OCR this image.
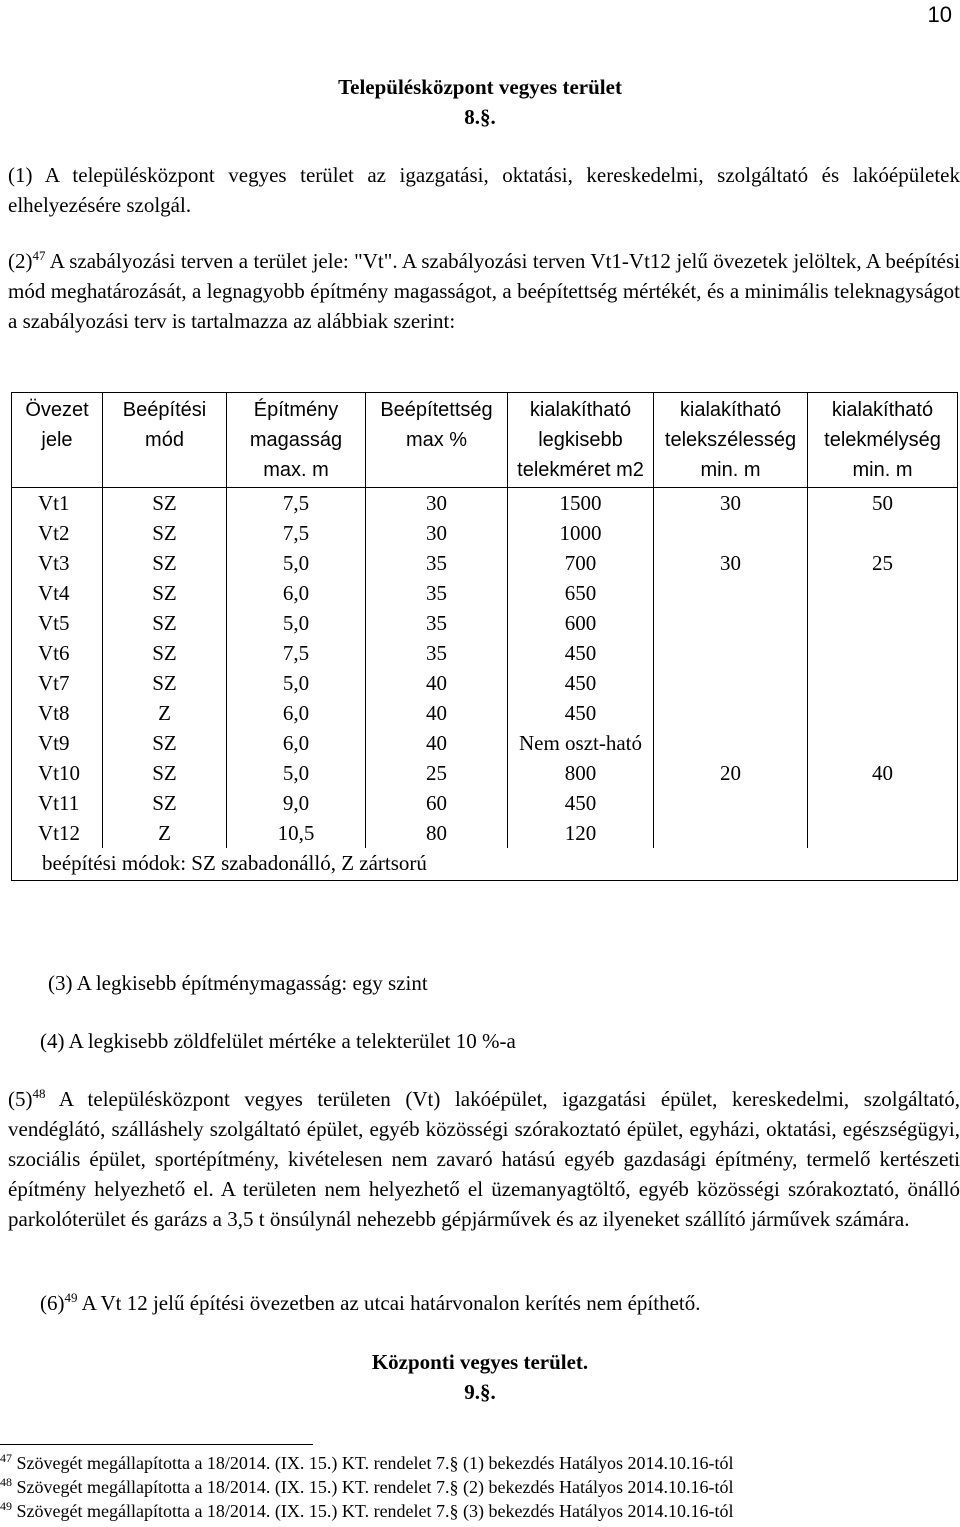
10
Településközpont vegyes terület
8.§.
(1) A településközpont vegyes terület az igazgatási, oktatási, kereskedelmi, szolgáltató és lakóépületek elhelyezésére szolgál.
$(2)^{47}$ A szabályozási terven a terület jele: "Vt". A szabályozási terven Vt1-Vt12 jelű övezetek jelöltek, A beépítési mód meghatározását, a legnagyobb építmény magasságot, a beépítettség mértékét, és a minimális teleknagyságot a szabályozási terv is tartalmazza az alábbiak szerint:
Övezet jele	Beépítési mód	Építmény magasság max. m	Beépítettség max %	kialakítható legkisebb telekméret m2	kialakítható telekszélesség min. m	kialakítható telekmélység min. m
Vt1	SZ	7,5	30	1500	30	50
Vt2	SZ	7,5	30	1000		
Vt3	SZ	5,0	35	700	30	25
Vt4	SZ	6,0	35	650		
Vt5	SZ	5,0	35	600		
Vt6	SZ	7,5	35	450		
Vt7	SZ	5,0	40	450		
Vt8	Z	6,0	40	450		
Vt9	SZ	6,0	40	Nem oszt-ható		
Vt10	SZ	5,0	25	800	20	40
Vt11	SZ	9,0	60	450		
Vt12	Z	10,5	80	120		
beépítési módok: SZ szabadonálló, Z zártsorú						
(3) A legkisebb építménymagasság: egy szint
(4) A legkisebb zöldfelület mértéke a telekterület 10 %-a
$(5)^{48}$ A településközpont vegyes területen (Vt) lakóépület, igazgatási épület, kereskedelmi, szolgáltató, vendéglátó, szálláshely szolgáltató épület, egyéb közösségi szórakoztató épület, egyházi, oktatási, egészségügyi, szociális épület, sportépítmény, kivételesen nem zavaró hatású egyéb gazdasági építmény, termelő kertészeti építmény helyezhető el. A területen nem helyezhető el üzemanyagtöltő, egyéb közösségi szórakoztató, önálló parkolóterület és garázs a 3,5 t önsúlynál nehezebb gépjárművek és az ilyeneket szállító járművek számára.
$(6)^{49}$ A Vt 12 jelű építési övezetben az utcai határvonalon kerítés nem építhető.
Központi vegyes terület.
9.§.
$^{47}$ Szövegét megállapította a 18/2014. (IX. 15.) KT. rendelet 7.§ (1) bekezdés Hatályos 2014.10.16-tól
$^{48}$ Szövegét megállapította a 18/2014. (IX. 15.) KT. rendelet 7.§ (2) bekezdés Hatályos 2014.10.16-tól
$^{49}$ Szövegét megállapította a 18/2014. (IX. 15.) KT. rendelet 7.§ (3) bekezdés Hatályos 2014.10.16-tól
